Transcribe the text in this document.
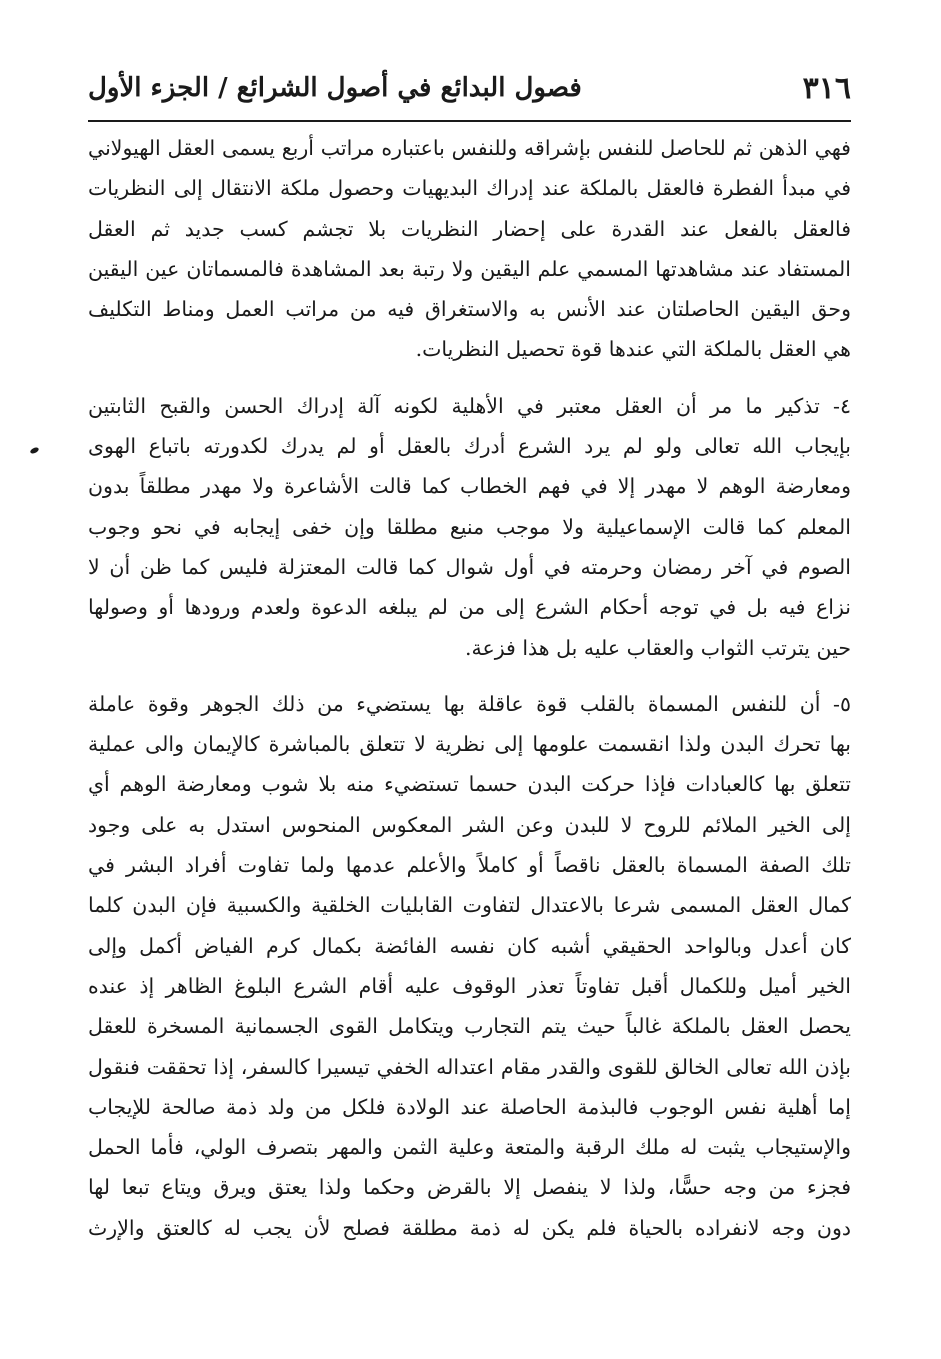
٣١٦
فصول البدائع في أصول الشرائع / الجزء الأول
فهي الذهن ثم للحاصل للنفس بإشراقه وللنفس باعتباره مراتب أربع يسمى العقل الهيولاني
في مبدأ الفطرة فالعقل بالملكة عند إدراك البديهيات وحصول ملكة الانتقال إلى النظريات
فالعقل بالفعل عند القدرة على إحضار النظريات بلا تجشم كسب جديد ثم العقل
المستفاد عند مشاهدتها المسمي علم اليقين ولا رتبة بعد المشاهدة فالمسماتان عين اليقين
وحق اليقين الحاصلتان عند الأنس به والاستغراق فيه من مراتب العمل ومناط التكليف
هي العقل بالملكة التي عندها قوة تحصيل النظريات.
٤- تذكير ما مر أن العقل معتبر في الأهلية لكونه آلة إدراك الحسن والقبح الثابتين
بإيجاب الله تعالى ولو لم يرد الشرع أدرك بالعقل أو لم يدرك لكدورته باتباع الهوى
ومعارضة الوهم لا مهدر إلا في فهم الخطاب كما قالت الأشاعرة ولا مهدر مطلقاً بدون
المعلم كما قالت الإسماعيلية ولا موجب منيع مطلقا وإن خفى إيجابه في نحو وجوب
الصوم في آخر رمضان وحرمته في أول شوال كما قالت المعتزلة فليس كما ظن أن لا
نزاع فيه بل في توجه أحكام الشرع إلى من لم يبلغه الدعوة ولعدم ورودها أو وصولها
حين يترتب الثواب والعقاب عليه بل هذا فزعة.
٥- أن للنفس المسماة بالقلب قوة عاقلة بها يستضيء من ذلك الجوهر وقوة عاملة
بها تحرك البدن ولذا انقسمت علومها إلى نظرية لا تتعلق بالمباشرة كالإيمان والى عملية
تتعلق بها كالعبادات فإذا حركت البدن حسما تستضيء منه بلا شوب ومعارضة الوهم أي
إلى الخير الملائم للروح لا للبدن وعن الشر المعكوس المنحوس استدل به على وجود
تلك الصفة المسماة بالعقل ناقصاً أو كاملاً والأعلم عدمها ولما تفاوت أفراد البشر في
كمال العقل المسمى شرعا بالاعتدال لتفاوت القابليات الخلقية والكسبية فإن البدن كلما
كان أعدل وبالواحد الحقيقي أشبه كان نفسه الفائضة بكمال كرم الفياض أكمل وإلى
الخير أميل وللكمال أقبل تفاوتاً تعذر الوقوف عليه أقام الشرع البلوغ الظاهر إذ عنده
يحصل العقل بالملكة غالباً حيث يتم التجارب ويتكامل القوى الجسمانية المسخرة للعقل
بإذن الله تعالى الخالق للقوى والقدر مقام اعتداله الخفي تيسيرا كالسفر، إذا تحققت فنقول
إما أهلية نفس الوجوب فالبذمة الحاصلة عند الولادة فلكل من ولد ذمة صالحة للإيجاب
والإستيجاب يثبت له ملك الرقبة والمتعة وعلية الثمن والمهر بتصرف الولي، فأما الحمل
فجزء من وجه حسًّا، ولذا لا ينفصل إلا بالقرض وحكما ولذا يعتق ويرق ويتاع تبعا لها
دون وجه لانفراده بالحياة فلم يكن له ذمة مطلقة فصلح لأن يجب له كالعتق والإرث
